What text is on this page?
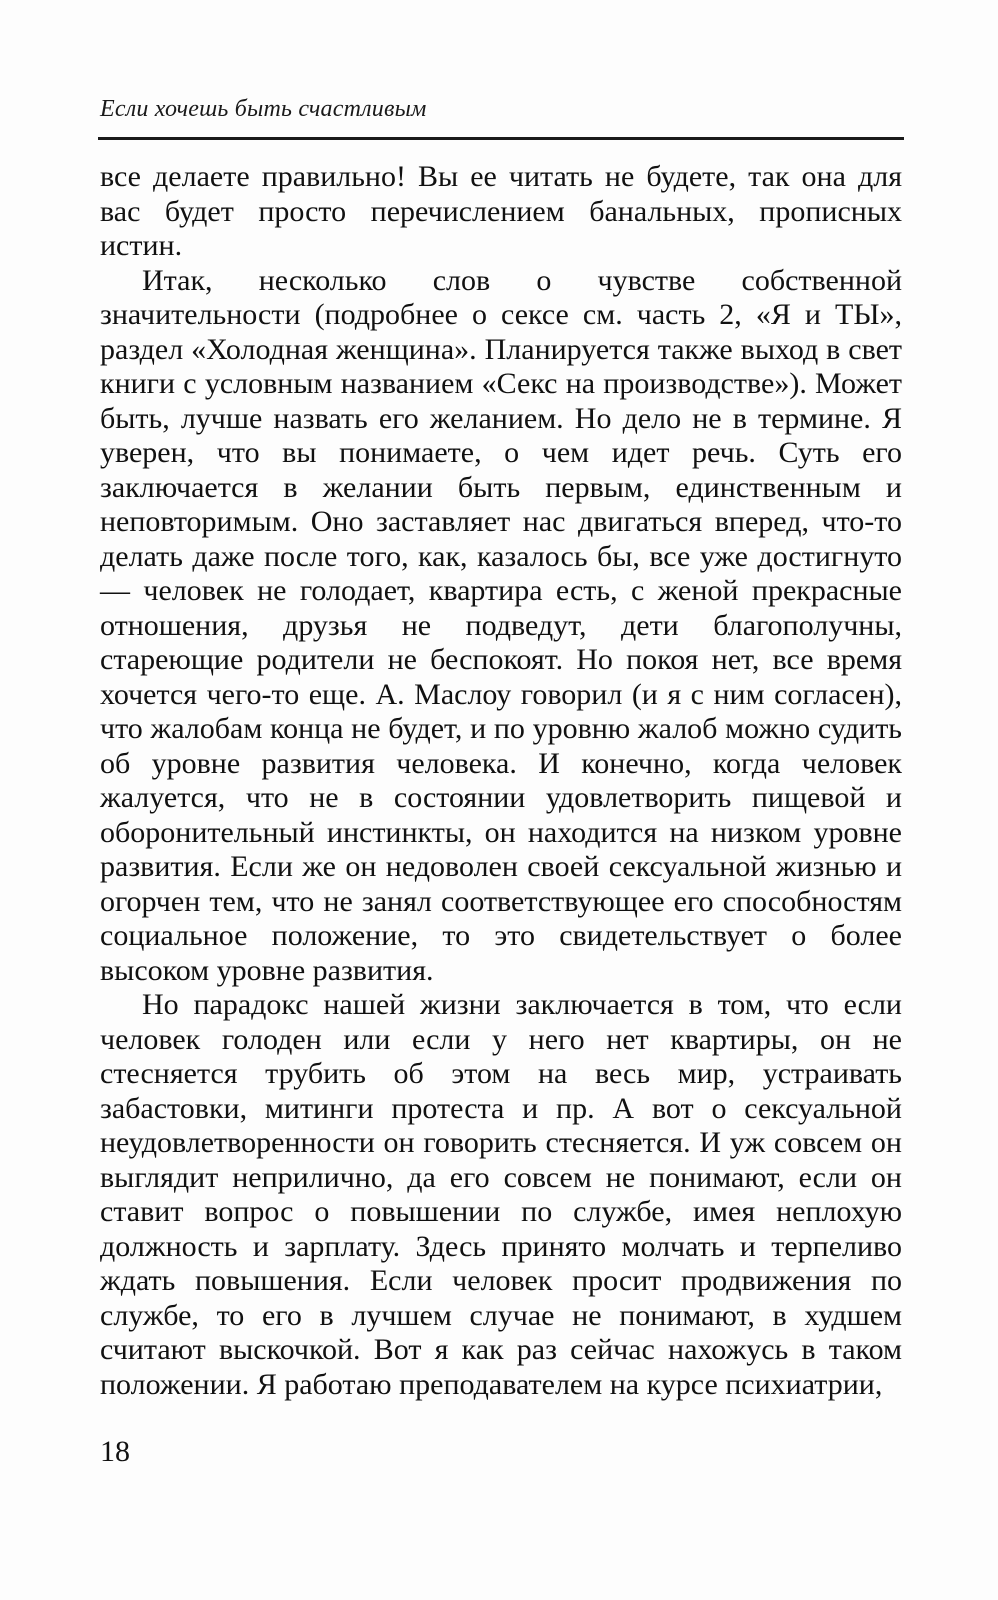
Если хочешь быть счастливым

все делаете правильно! Вы ее читать не будете, так она для вас будет просто перечислением банальных, прописных истин.

Итак, несколько слов о чувстве собственной значительности (подробнее о сексе см. часть 2, «Я и ТЫ», раздел «Холодная женщина». Планируется также выход в свет книги с условным названием «Секс на производстве»). Может быть, лучше назвать его желанием. Но дело не в термине. Я уверен, что вы понимаете, о чем идет речь. Суть его заключается в желании быть первым, единственным и неповторимым. Оно заставляет нас двигаться вперед, что-то делать даже после того, как, казалось бы, все уже достигнуто — человек не голодает, квартира есть, с женой прекрасные отношения, друзья не подведут, дети благополучны, стареющие родители не беспокоят. Но покоя нет, все время хочется чего-то еще. А. Маслоу говорил (и я с ним согласен), что жалобам конца не будет, и по уровню жалоб можно судить об уровне развития человека. И конечно, когда человек жалуется, что не в состоянии удовлетворить пищевой и оборонительный инстинкты, он находится на низком уровне развития. Если же он недоволен своей сексуальной жизнью и огорчен тем, что не занял соответствующее его способностям социальное положение, то это свидетельствует о более высоком уровне развития.

Но парадокс нашей жизни заключается в том, что если человек голоден или если у него нет квартиры, он не стесняется трубить об этом на весь мир, устраивать забастовки, митинги протеста и пр. А вот о сексуальной неудовлетворенности он говорить стесняется. И уж совсем он выглядит неприлично, да его совсем не понимают, если он ставит вопрос о повышении по службе, имея неплохую должность и зарплату. Здесь принято молчать и терпеливо ждать повышения. Если человек просит продвижения по службе, то его в лучшем случае не понимают, в худшем считают выскочкой. Вот я как раз сейчас нахожусь в таком положении. Я работаю преподавателем на курсе психиатрии,

18
